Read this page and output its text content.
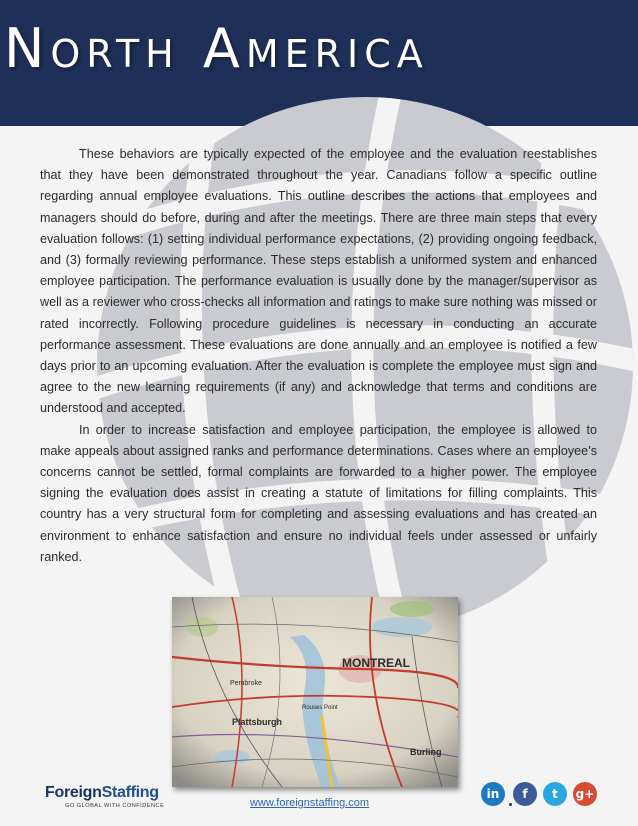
North America

These behaviors are typically expected of the employee and the evaluation reestablishes that they have been demonstrated throughout the year. Canadians follow a specific outline regarding annual employee evaluations. This outline describes the actions that employees and managers should do before, during and after the meetings. There are three main steps that every evaluation follows: (1) setting individual performance expectations, (2) providing ongoing feedback, and (3) formally reviewing performance. These steps establish a uniformed system and enhanced employee participation. The performance evaluation is usually done by the manager/supervisor as well as a reviewer who cross-checks all information and ratings to make sure nothing was missed or rated incorrectly. Following procedure guidelines is necessary in conducting an accurate performance assessment. These evaluations are done annually and an employee is notified a few days prior to an upcoming evaluation. After the evaluation is complete the employee must sign and agree to the new learning requirements (if any) and acknowledge that terms and conditions are understood and accepted.

In order to increase satisfaction and employee participation, the employee is allowed to make appeals about assigned ranks and performance determinations. Cases where an employee’s concerns cannot be settled, formal complaints are forwarded to a higher power. The employee signing the evaluation does assist in creating a statute of limitations for filling complaints. This country has a very structural form for completing and assessing evaluations and has created an environment to enhance satisfaction and ensure no individual feels under assessed or unfairly ranked.

MONTREAL
Plattsburgh
Burling
Pembroke
Rouses Point
ForeignStaffing
GO GLOBAL WITH CONFIDENCE	www.foreignstaffing.com
in	f	t	g+
